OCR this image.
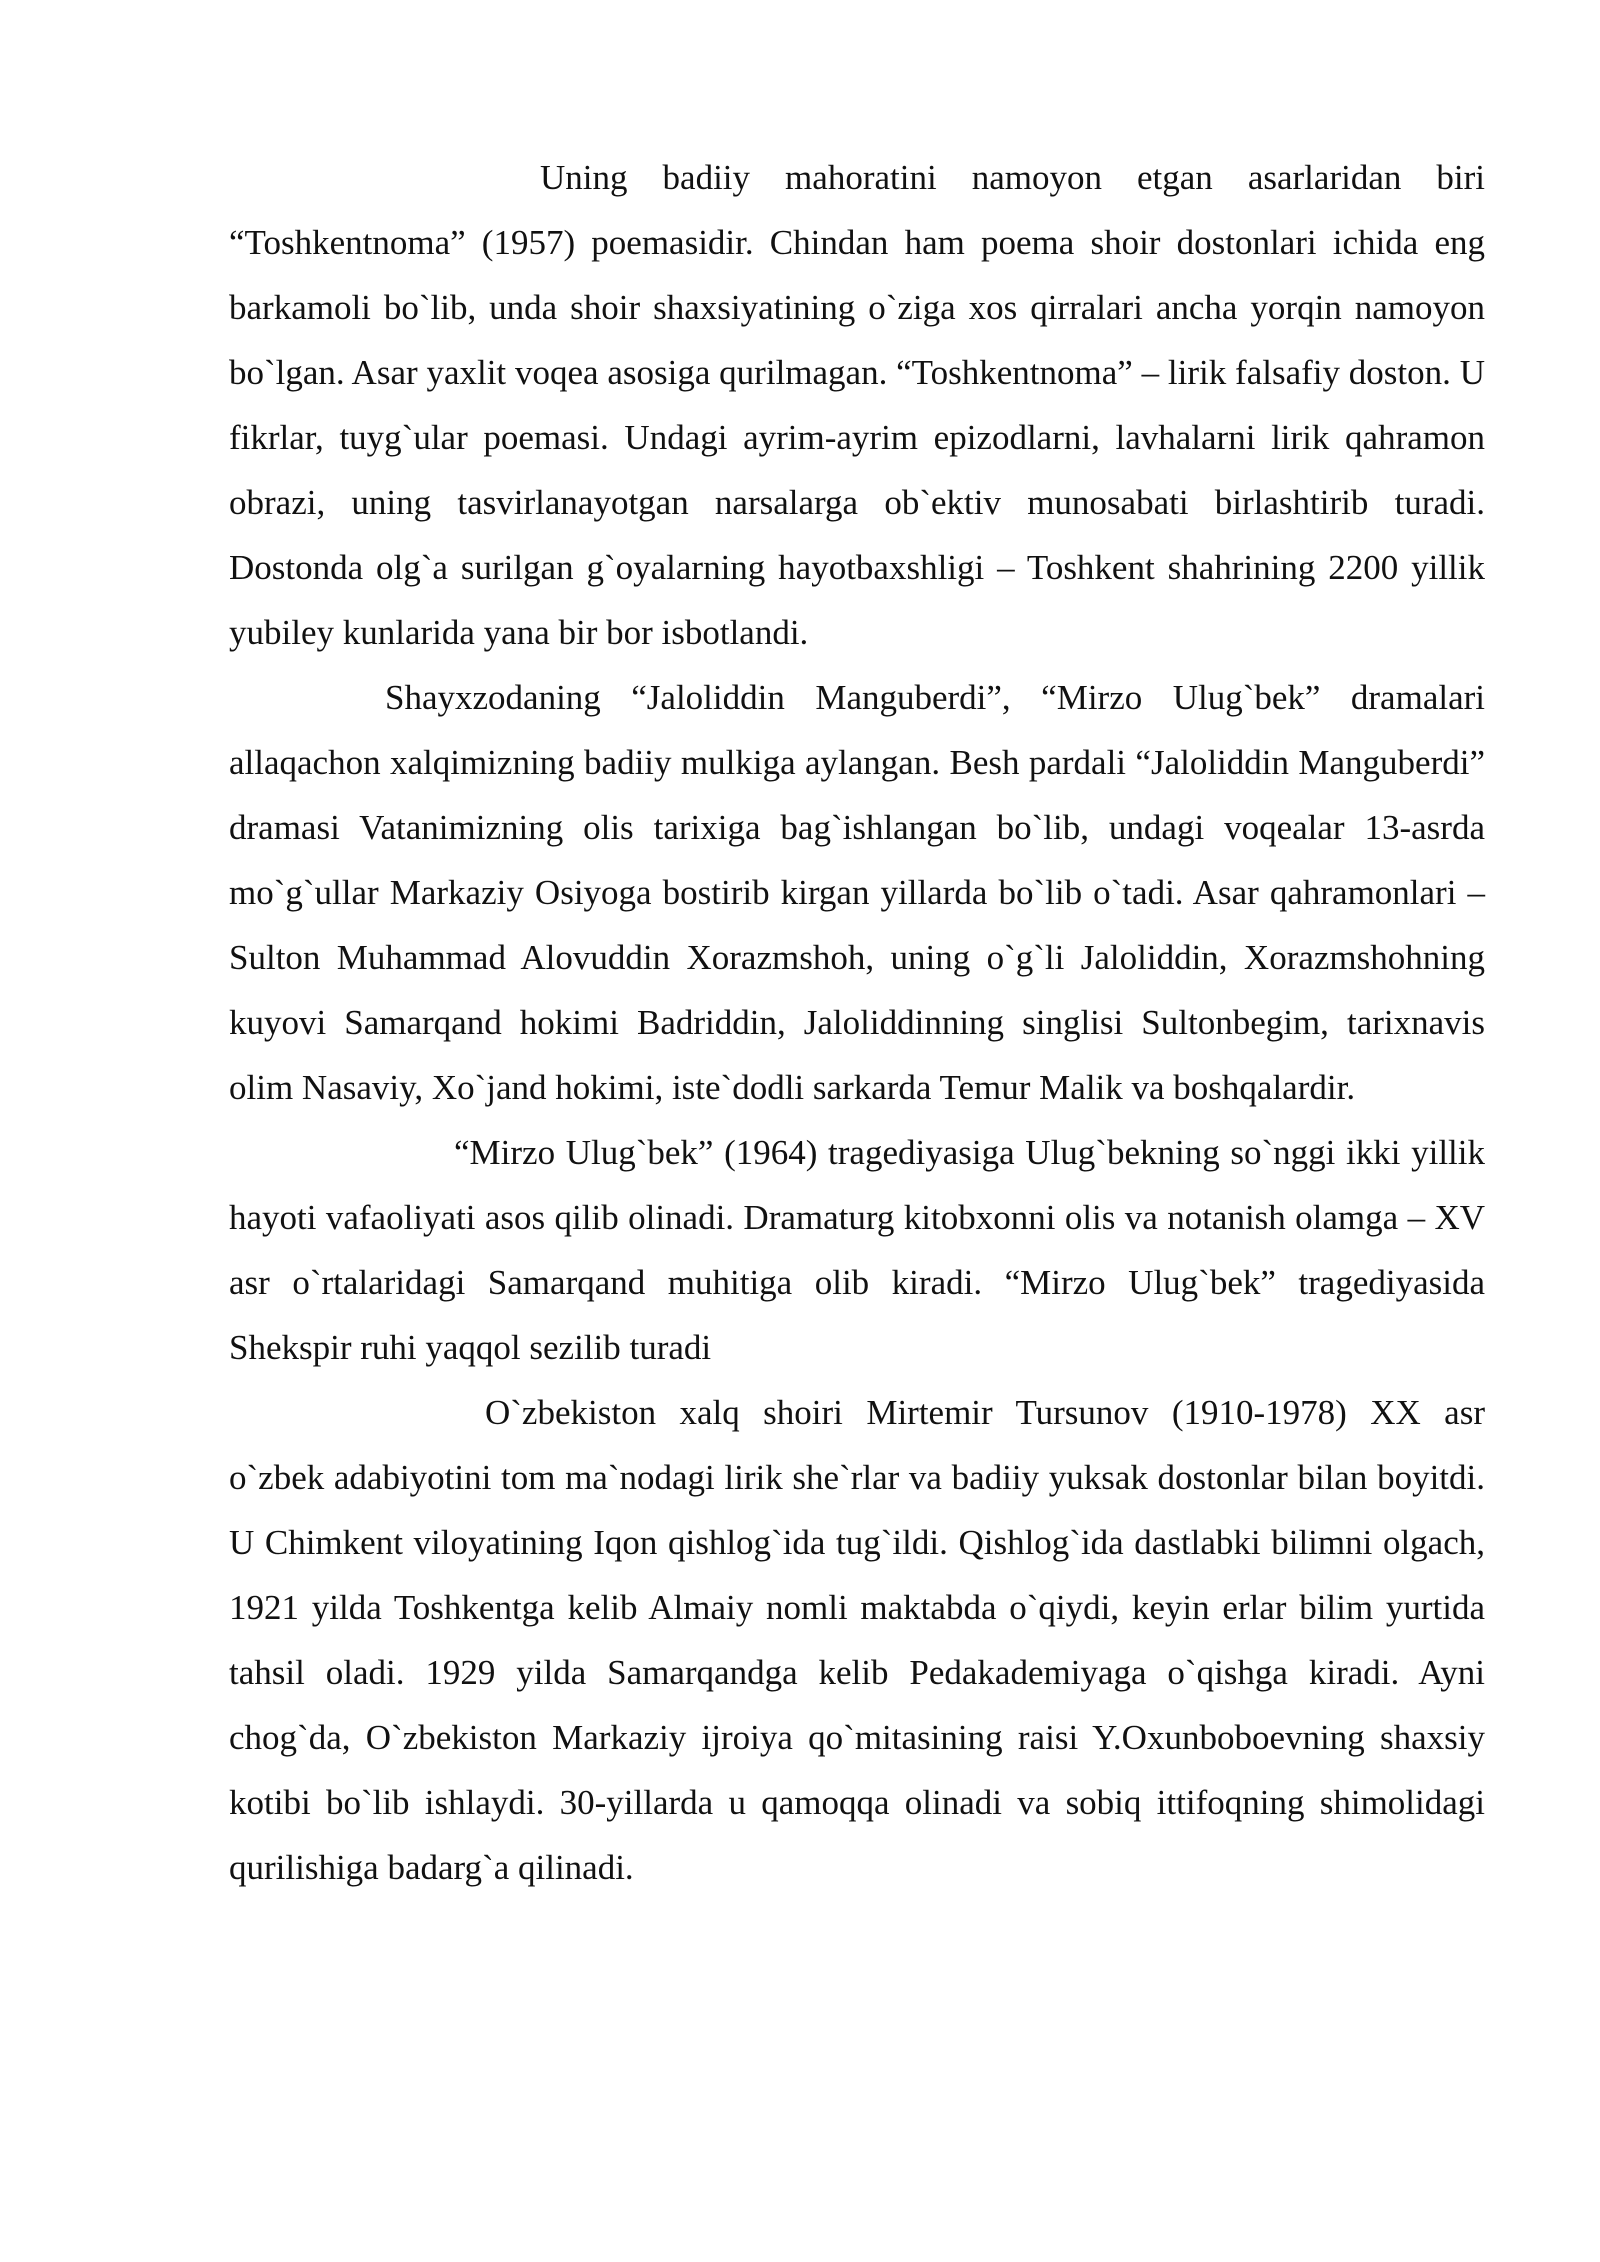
Uning badiiy mahoratini namoyon etgan asarlaridan biri “Toshkentnoma” (1957) poemasidir. Chindan ham poema shoir dostonlari ichida eng barkamoli bo`lib, unda shoir shaxsiyatining o`ziga xos qirralari ancha yorqin namoyon bo`lgan. Asar yaxlit voqea asosiga qurilmagan. “Toshkentnoma” – lirik falsafiy doston. U fikrlar, tuyg`ular poemasi. Undagi ayrim-ayrim epizodlarni, lavhalarni lirik qahramon obrazi, uning tasvirlanayotgan narsalarga ob`ektiv munosabati birlashtirib turadi. Dostonda olg`a surilgan g`oyalarning hayotbaxshligi – Toshkent shahrining 2200 yillik yubiley kunlarida yana bir bor isbotlandi.

Shayxzodaning “Jaloliddin Manguberdi”, “Mirzo Ulug`bek” dramalari allaqachon xalqimizning badiiy mulkiga aylangan. Besh pardali “Jaloliddin Manguberdi” dramasi Vatanimizning olis tarixiga bag`ishlangan bo`lib, undagi voqealar 13-asrda mo`g`ullar Markaziy Osiyoga bostirib kirgan yillarda bo`lib o`tadi. Asar qahramonlari – Sulton Muhammad Alovuddin Xorazmshoh, uning o`g`li Jaloliddin, Xorazmshohning kuyovi Samarqand hokimi Badriddin, Jaloliddinning singlisi Sultonbegim, tarixnavis olim Nasaviy, Xo`jand hokimi, iste`dodli sarkarda Temur Malik va boshqalardir.

“Mirzo Ulug`bek” (1964) tragediyasiga Ulug`bekning so`nggi ikki yillik hayoti vafaoliyati asos qilib olinadi. Dramaturg kitobxonni olis va notanish olamga – XV asr o`rtalaridagi Samarqand muhitiga olib kiradi. “Mirzo Ulug`bek” tragediyasida Shekspir ruhi yaqqol sezilib turadi

O`zbekiston xalq shoiri Mirtemir Tursunov (1910-1978) XX asr o`zbek adabiyotini tom ma`nodagi lirik she`rlar va badiiy yuksak dostonlar bilan boyitdi. U Chimkent viloyatining Iqon qishlog`ida tug`ildi. Qishlog`ida dastlabki bilimni olgach, 1921 yilda Toshkentga kelib Almaiy nomli maktabda o`qiydi, keyin erlar bilim yurtida tahsil oladi. 1929 yilda Samarqandga kelib Pedakademiyaga o`qishga kiradi. Ayni chog`da, O`zbekiston Markaziy ijroiya qo`mitasining raisi Y.Oxunboboevning shaxsiy kotibi bo`lib ishlaydi. 30-yillarda u qamoqqa olinadi va sobiq ittifoqning shimolidagi qurilishiga badarg`a qilinadi.
